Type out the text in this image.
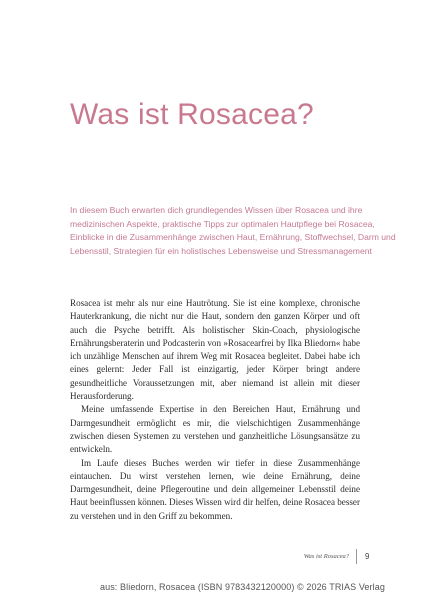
Was ist Rosacea?
In diesem Buch erwarten dich grundlegendes Wissen über Rosacea und ihre medizinischen Aspekte, praktische Tipps zur optimalen Hautpflege bei Rosacea, Einblicke in die Zusammenhänge zwischen Haut, Ernährung, Stoffwechsel, Darm und Lebensstil, Strategien für ein holistisches Lebensweise und Stressmanagement

Rosacea ist mehr als nur eine Hautrötung. Sie ist eine komplexe, chronische Hauterkrankung, die nicht nur die Haut, sondern den ganzen Körper und oft auch die Psyche betrifft. Als holistischer Skin-Coach, physiologische Ernährungsberaterin und Podcasterin von »Rosacearfrei by Ilka Bliedorn« habe ich unzählige Menschen auf ihrem Weg mit Rosacea begleitet. Dabei habe ich eines gelernt: Jeder Fall ist einzigartig, jeder Körper bringt andere gesundheitliche Voraussetzungen mit, aber niemand ist allein mit dieser Herausforderung.

Meine umfassende Expertise in den Bereichen Haut, Ernährung und Darmgesundheit ermöglicht es mir, die vielschichtigen Zusammenhänge zwischen diesen Systemen zu verstehen und ganzheitliche Lösungsansätze zu entwickeln.

Im Laufe dieses Buches werden wir tiefer in diese Zusammenhänge eintauchen. Du wirst verstehen lernen, wie deine Ernährung, deine Darmgesundheit, deine Pflegeroutine und dein allgemeiner Lebensstil deine Haut beeinflussen können. Dieses Wissen wird dir helfen, deine Rosacea besser zu verstehen und in den Griff zu bekommen.

Was ist Rosacea? 9
aus: Bliedorn, Rosacea (ISBN 9783432120000) © 2026 TRIAS Verlag
